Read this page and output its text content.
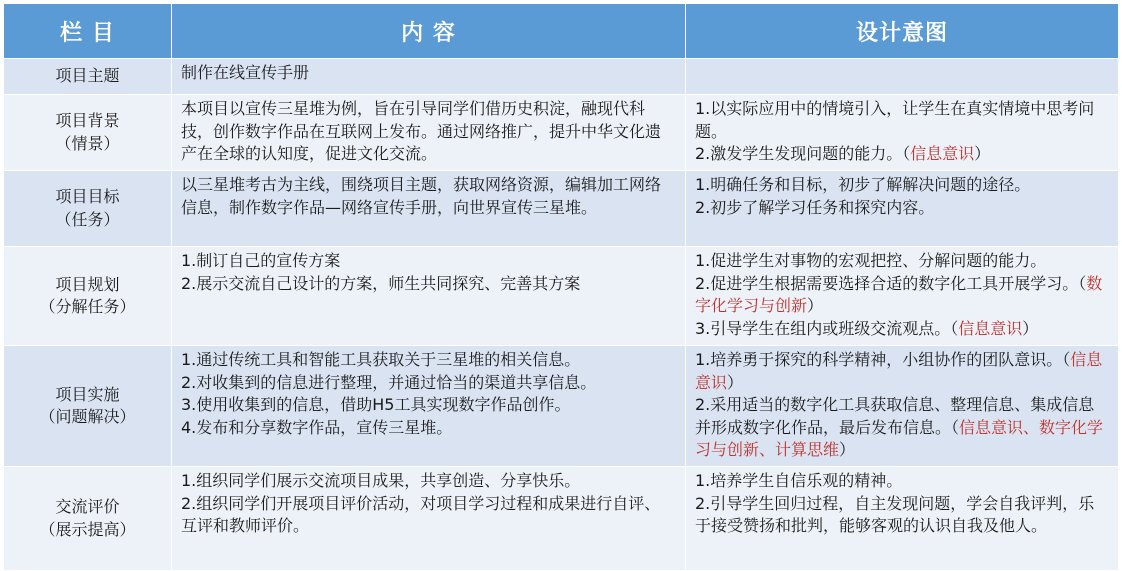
栏 目	内 容	设计意图

项目主题	制作在线宣传手册	

项目背景
（情景）	本项目以宣传三星堆为例，旨在引导同学们借历史积淀，融现代科技，创作数字作品在互联网上发布。通过网络推广，提升中华文化遗产在全球的认知度，促进文化交流。	1.以实际应用中的情境引入，让学生在真实情境中思考问题。
2.激发学生发现问题的能力。（信息意识）

项目目标
（任务）	以三星堆考古为主线，围绕项目主题，获取网络资源，编辑加工网络信息，制作数字作品—网络宣传手册，向世界宣传三星堆。	1.明确任务和目标，初步了解解决问题的途径。
2.初步了解学习任务和探究内容。

项目规划
（分解任务）	1.制订自己的宣传方案
2.展示交流自己设计的方案，师生共同探究、完善其方案	1.促进学生对事物的宏观把控、分解问题的能力。
2.促进学生根据需要选择合适的数字化工具开展学习。（数字化学习与创新）
3.引导学生在组内或班级交流观点。（信息意识）

项目实施
（问题解决）	1.通过传统工具和智能工具获取关于三星堆的相关信息。
2.对收集到的信息进行整理，并通过恰当的渠道共享信息。
3.使用收集到的信息，借助H5工具实现数字作品创作。
4.发布和分享数字作品，宣传三星堆。	1.培养勇于探究的科学精神，小组协作的团队意识。（信息意识）
2.采用适当的数字化工具获取信息、整理信息、集成信息并形成数字化作品，最后发布信息。（信息意识、数字化学习与创新、计算思维）

交流评价
（展示提高）	1.组织同学们展示交流项目成果，共享创造、分享快乐。
2.组织同学们开展项目评价活动，对项目学习过程和成果进行自评、互评和教师评价。	1.培养学生自信乐观的精神。
2.引导学生回归过程，自主发现问题，学会自我评判，乐于接受赞扬和批判，能够客观的认识自我及他人。
